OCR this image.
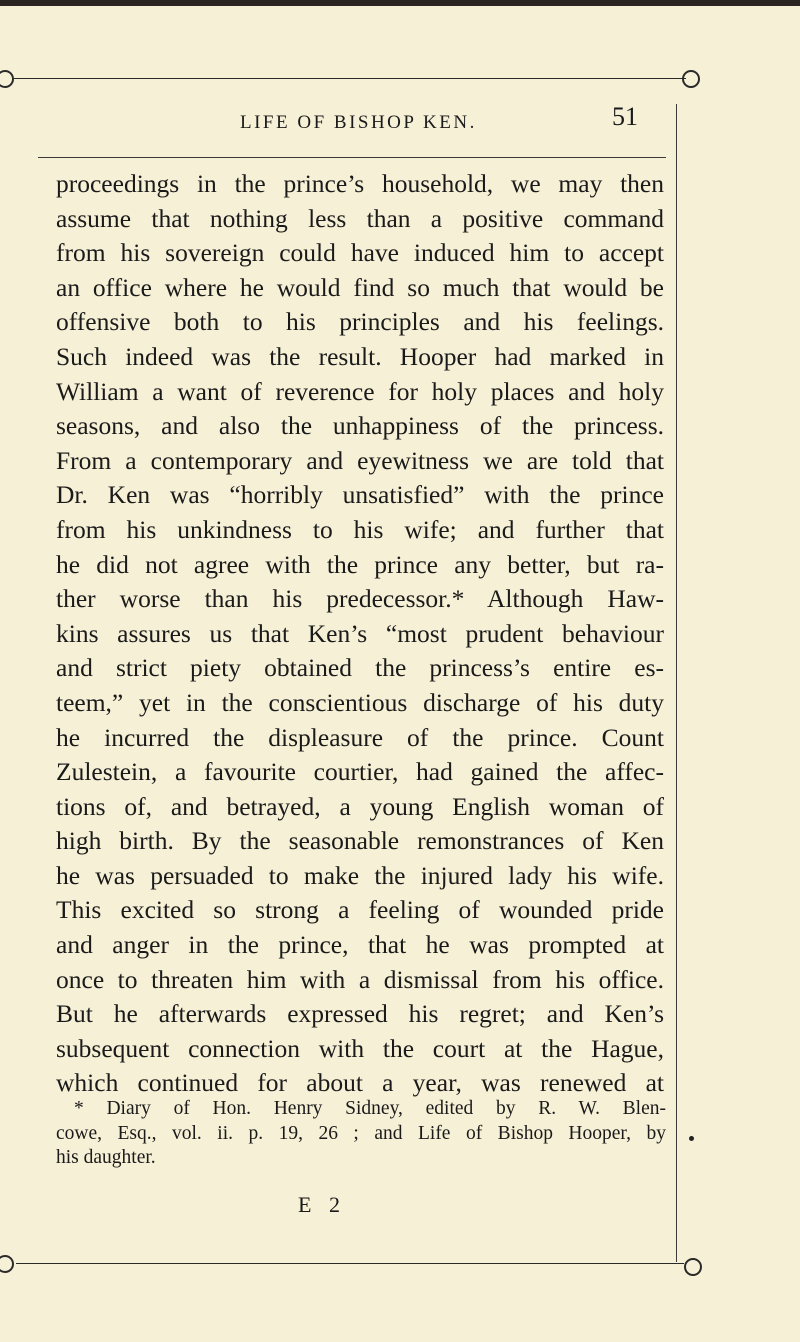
LIFE OF BISHOP KEN.	51
proceedings in the prince’s household, we may then
assume that nothing less than a positive command
from his sovereign could have induced him to accept
an office where he would find so much that would be
offensive both to his principles and his feelings.
Such indeed was the result. Hooper had marked in
William a want of reverence for holy places and holy
seasons, and also the unhappiness of the princess.
From a contemporary and eyewitness we are told that
Dr. Ken was “horribly unsatisfied” with the prince
from his unkindness to his wife; and further that
he did not agree with the prince any better, but ra-
ther worse than his predecessor.* Although Haw-
kins assures us that Ken’s “most prudent behaviour
and strict piety obtained the princess’s entire es-
teem,” yet in the conscientious discharge of his duty
he incurred the displeasure of the prince. Count
Zulestein, a favourite courtier, had gained the affec-
tions of, and betrayed, a young English woman of
high birth. By the seasonable remonstrances of Ken
he was persuaded to make the injured lady his wife.
This excited so strong a feeling of wounded pride
and anger in the prince, that he was prompted at
once to threaten him with a dismissal from his office.
But he afterwards expressed his regret; and Ken’s
subsequent connection with the court at the Hague,
which continued for about a year, was renewed at
* Diary of Hon. Henry Sidney, edited by R. W. Blen-
cowe, Esq., vol. ii. p. 19, 26 ; and Life of Bishop Hooper, by
his daughter.
E 2
